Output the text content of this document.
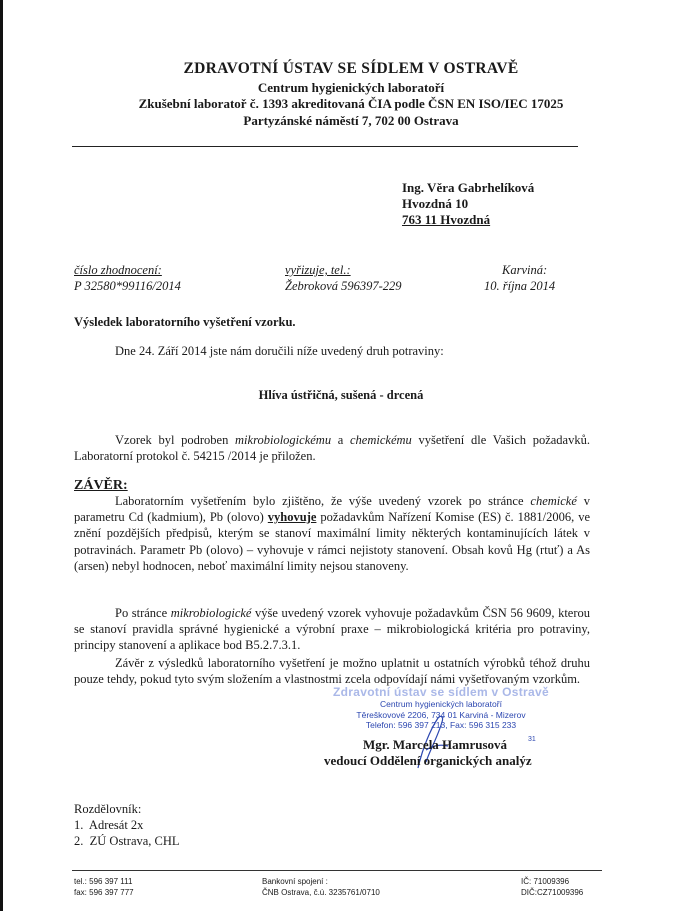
ZDRAVOTNÍ ÚSTAV SE SÍDLEM V OSTRAVĚ
Centrum hygienických laboratoří
Zkušební laboratoř č. 1393 akreditovaná ČIA podle ČSN EN ISO/IEC 17025
Partyzánské náměstí 7, 702 00 Ostrava
Ing. Věra Gabrhelíková
Hvozdná 10
763 11 Hvozdná
číslo zhodnocení:
P 32580*99116/2014
vyřizuje, tel.:
Žebroková 596397-229
Karviná:
10. října 2014
Výsledek laboratorního vyšetření vzorku.
Dne 24. Září 2014 jste nám doručili níže uvedený druh potraviny:
Hlíva ústřičná, sušená - drcená
Vzorek byl podroben mikrobiologickému a chemickému vyšetření dle Vašich požadavků. Laboratorní protokol č. 54215 /2014 je přiložen.
ZÁVĚR:
Laboratorním vyšetřením bylo zjištěno, že výše uvedený vzorek po stránce chemické v parametru Cd (kadmium), Pb (olovo) vyhovuje požadavkům Nařízení Komise (ES) č. 1881/2006, ve znění pozdějších předpisů, kterým se stanoví maximální limity některých kontaminujících látek v potravinách. Parametr Pb (olovo) – vyhovuje v rámci nejistoty stanovení. Obsah kovů Hg (rtuť) a As (arsen) nebyl hodnocen, neboť maximální limity nejsou stanoveny.
Po stránce mikrobiologické výše uvedený vzorek vyhovuje požadavkům ČSN 56 9609, kterou se stanoví pravidla správné hygienické a výrobní praxe – mikrobiologická kritéria pro potraviny, principy stanovení a aplikace bod B5.2.7.3.1.
Závěr z výsledků laboratorního vyšetření je možno uplatnit u ostatních výrobků téhož druhu pouze tehdy, pokud tyto svým složením a vlastnostmi zcela odpovídají námi vyšetřovaným vzorkům.
Zdravotní ústav se sídlem v Ostravě
Centrum hygienických laboratoří
Těreškovové 2206, 734 01 Karviná - Mizerov
Telefon: 596 397 213, Fax: 596 315 233
31
Mgr. Marcela Hamrusová
vedoucí Oddělení organických analýz
Rozdělovník:
1.  Adresát 2x
2.  ZÚ Ostrava, CHL
tel.: 596 397 111
fax: 596 397 777
Bankovní spojení :
ČNB Ostrava, č.ú. 3235761/0710
IČ: 71009396
DIČ:CZ71009396
